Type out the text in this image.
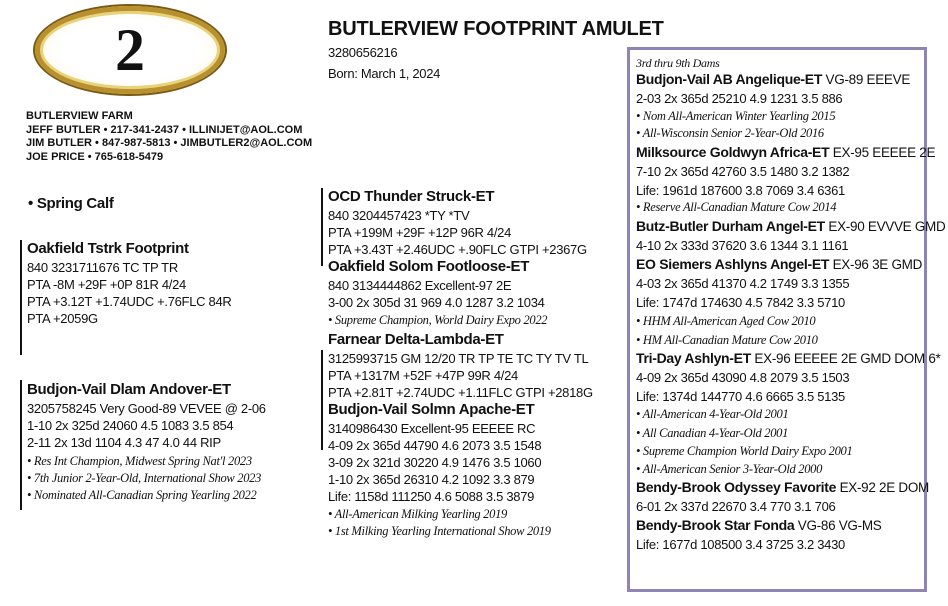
2	BUTLERVIEW FOOTPRINT AMULET
3280656216
Born: March 1, 2024
BUTLERVIEW FARM
JEFF BUTLER • 217-341-2437 • ILLINIJET@AOL.COM
JIM BUTLER • 847-987-5813 • JIMBUTLER2@AOL.COM
JOE PRICE • 765-618-5479
• Spring Calf
Oakfield Tstrk Footprint
840 3231711676 TC TP TR
PTA -8M +29F +0P 81R 4/24
PTA +3.12T +1.74UDC +.76FLC 84R
PTA +2059G
Budjon-Vail Dlam Andover-ET
3205758245 Very Good-89 VEVEE @ 2-06
1-10 2x 325d 24060 4.5 1083 3.5 854
2-11 2x 13d 1104 4.3 47 4.0 44 RIP
• Res Int Champion, Midwest Spring Nat'l 2023
• 7th Junior 2-Year-Old, International Show 2023
• Nominated All-Canadian Spring Yearling 2022
OCD Thunder Struck-ET
840 3204457423 *TY *TV
PTA +199M +29F +12P 96R 4/24
PTA +3.43T +2.46UDC +.90FLC GTPI +2367G
Oakfield Solom Footloose-ET
840 3134444862 Excellent-97 2E
3-00 2x 305d 31 969 4.0 1287 3.2 1034
• Supreme Champion, World Dairy Expo 2022
Farnear Delta-Lambda-ET
3125993715 GM 12/20 TR TP TE TC TY TV TL
PTA +1317M +52F +47P 99R 4/24
PTA +2.81T +2.74UDC +1.11FLC GTPI +2818G
Budjon-Vail Solmn Apache-ET
3140986430 Excellent-95 EEEEE RC
4-09 2x 365d 44790 4.6 2073 3.5 1548
3-09 2x 321d 30220 4.9 1476 3.5 1060
1-10 2x 365d 26310 4.2 1092 3.3 879
Life: 1158d 111250 4.6 5088 3.5 3879
• All-American Milking Yearling 2019
• 1st Milking Yearling International Show 2019
3rd thru 9th Dams
Budjon-Vail AB Angelique-ET VG-89 EEEVE
2-03 2x 365d 25210 4.9 1231 3.5 886
• Nom All-American Winter Yearling 2015
• All-Wisconsin Senior 2-Year-Old 2016
Milksource Goldwyn Africa-ET EX-95 EEEEE 2E
7-10 2x 365d 42760 3.5 1480 3.2 1382
Life: 1961d 187600 3.8 7069 3.4 6361
• Reserve All-Canadian Mature Cow 2014
Butz-Butler Durham Angel-ET EX-90 EVVVE GMD
4-10 2x 333d 37620 3.6 1344 3.1 1161
EO Siemers Ashlyns Angel-ET EX-96 3E GMD
4-03 2x 365d 41370 4.2 1749 3.3 1355
Life: 1747d 174630 4.5 7842 3.3 5710
• HHM All-American Aged Cow 2010
• HM All-Canadian Mature Cow 2010
Tri-Day Ashlyn-ET EX-96 EEEEE 2E GMD DOM 6*
4-09 2x 365d 43090 4.8 2079 3.5 1503
Life: 1374d 144770 4.6 6665 3.5 5135
• All-American 4-Year-Old 2001
• All Canadian 4-Year-Old 2001
• Supreme Champion World Dairy Expo 2001
• All-American Senior 3-Year-Old 2000
Bendy-Brook Odyssey Favorite EX-92 2E DOM
6-01 2x 337d 22670 3.4 770 3.1 706
Bendy-Brook Star Fonda VG-86 VG-MS
Life: 1677d 108500 3.4 3725 3.2 3430
